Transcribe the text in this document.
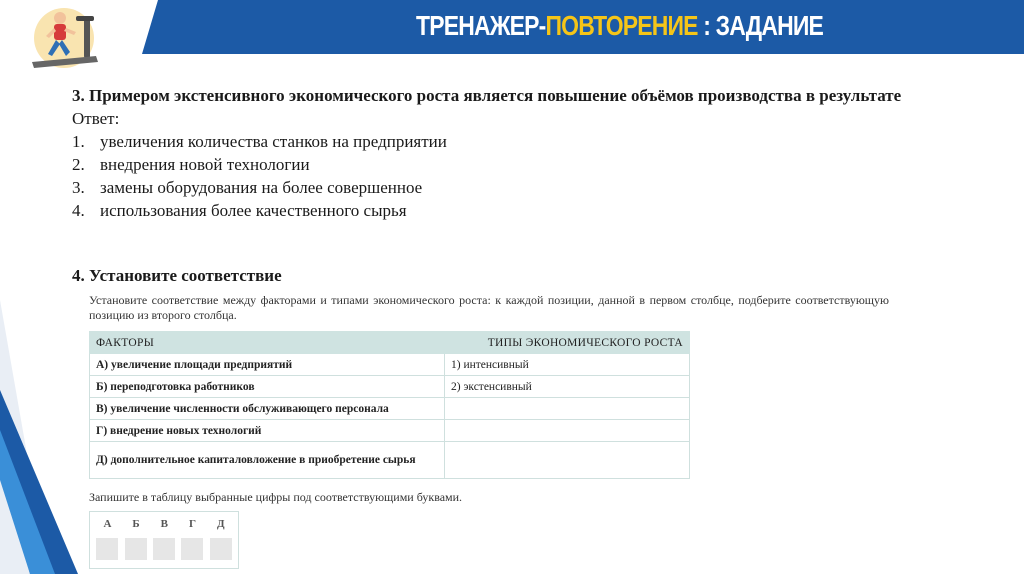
ТРЕНАЖЕР-ПОВТОРЕНИЕ : ЗАДАНИЕ
3. Примером экстенсивного экономического роста является повышение объёмов производства в результате
Ответ:
1. увеличения количества станков на предприятии
2. внедрения новой технологии
3. замены оборудования на более совершенное
4. использования более качественного сырья
4. Установите соответствие
Установите соответствие между факторами и типами экономического роста: к каждой позиции, данной в первом столбце, подберите соответствующую позицию из второго столбца.
ФАКТОРЫ	ТИПЫ ЭКОНОМИЧЕСКОГО РОСТА
А) увеличение площади предприятий	1) интенсивный
Б) переподготовка работников	2) экстенсивный
В) увеличение численности обслуживающего персонала	
Г) внедрение новых технологий	
Д) дополнительное капиталовложение в приобретение сырья	
Запишите в таблицу выбранные цифры под соответствующими буквами.
А Б В Г Д
